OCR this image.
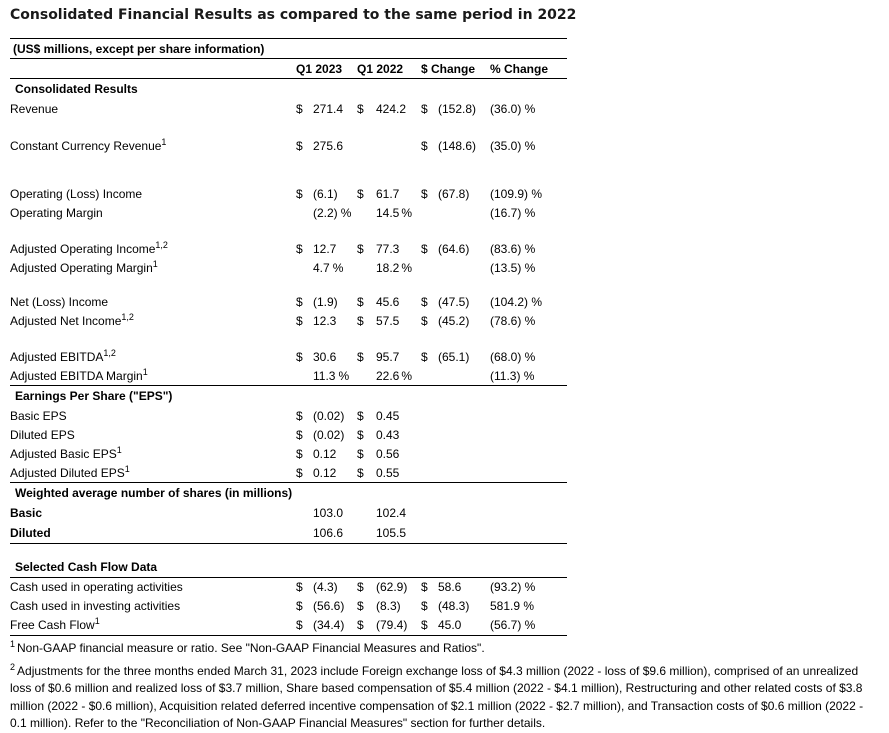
Consolidated Financial Results as compared to the same period in 2022
(US$ millions, except per share information)							
	Q1 2023		Q1 2022		$ Change		% Change
Consolidated Results							
Revenue	$	271.4	$	424.2	$	(152.8)	(36.0) %

Constant Currency Revenue$^1$	$	275.6			$	(148.6)	(35.0) %

Operating (Loss) Income	$	(6.1)	$	61.7	$	(67.8)	(109.9) %
Operating Margin		(2.2) %		14.5 %			(16.7) %

Adjusted Operating Income$^{1,2}$	$	12.7	$	77.3	$	(64.6)	(83.6) %
Adjusted Operating Margin$^1$		4.7 %		18.2 %			(13.5) %

Net (Loss) Income	$	(1.9)	$	45.6	$	(47.5)	(104.2) %
Adjusted Net Income$^{1,2}$	$	12.3	$	57.5	$	(45.2)	(78.6) %

Adjusted EBITDA$^{1,2}$	$	30.6	$	95.7	$	(65.1)	(68.0) %
Adjusted EBITDA Margin$^1$		11.3 %		22.6 %			(11.3) %
Earnings Per Share ("EPS")							
Basic EPS	$	(0.02)	$	0.45			
Diluted EPS	$	(0.02)	$	0.43			
Adjusted Basic EPS$^1$	$	0.12	$	0.56			
Adjusted Diluted EPS$^1$	$	0.12	$	0.55			
Weighted average number of shares (in millions)							
Basic		103.0		102.4			
Diluted		106.6		105.5			

Selected Cash Flow Data							
Cash used in operating activities	$	(4.3)	$	(62.9)	$	58.6	(93.2) %
Cash used in investing activities	$	(56.6)	$	(8.3)	$	(48.3)	581.9 %
Free Cash Flow$^1$	$	(34.4)	$	(79.4)	$	45.0	(56.7) %

$^1$ Non-GAAP financial measure or ratio. See "Non-GAAP Financial Measures and Ratios".

$^2$ Adjustments for the three months ended March 31, 2023 include Foreign exchange loss of $4.3 million (2022 - loss of $9.6 million), comprised of an unrealized loss of $0.6 million and realized loss of $3.7 million, Share based compensation of $5.4 million (2022 - $4.1 million), Restructuring and other related costs of $3.8 million (2022 - $0.6 million), Acquisition related deferred incentive compensation of $2.1 million (2022 - $2.7 million), and Transaction costs of $0.6 million (2022 - 0.1 million). Refer to the "Reconciliation of Non-GAAP Financial Measures" section for further details.
